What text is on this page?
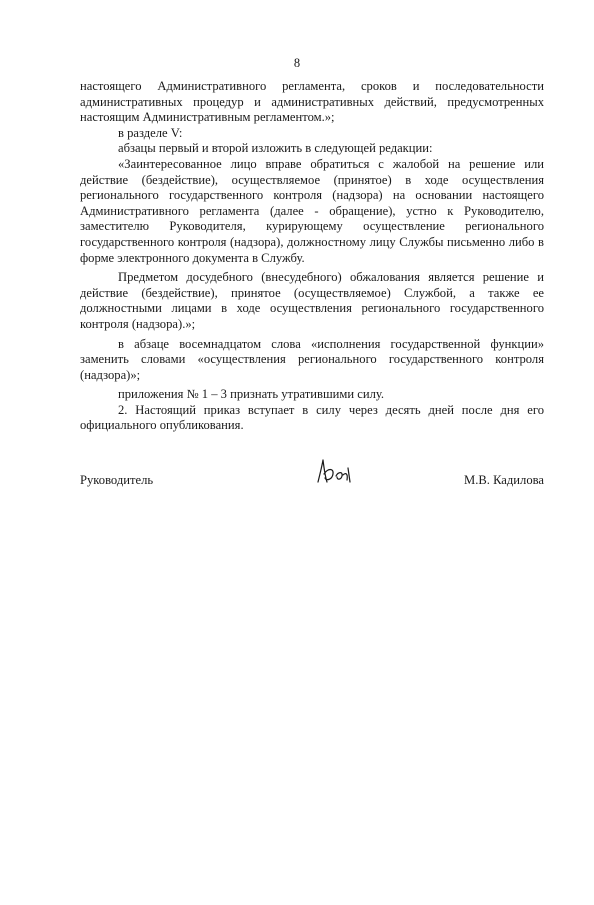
8

настоящего Административного регламента, сроков и последовательности административных процедур и административных действий, предусмотренных настоящим Административным регламентом.»;

в разделе V:

абзацы первый и второй изложить в следующей редакции:

«Заинтересованное лицо вправе обратиться с жалобой на решение или действие (бездействие), осуществляемое (принятое) в ходе осуществления регионального государственного контроля (надзора) на основании настоящего Административного регламента (далее - обращение), устно к Руководителю, заместителю Руководителя, курирующему осуществление регионального государственного контроля (надзора), должностному лицу Службы письменно либо в форме электронного документа в Службу.

Предметом досудебного (внесудебного) обжалования является решение и действие (бездействие), принятое (осуществляемое) Службой, а также ее должностными лицами в ходе осуществления регионального государственного контроля (надзора).»;

в абзаце восемнадцатом слова «исполнения государственной функции» заменить словами «осуществления регионального государственного контроля (надзора)»;

приложения № 1 – 3 признать утратившими силу.

2. Настоящий приказ вступает в силу через десять дней после дня его официального опубликования.

Руководитель	М.В. Кадилова
